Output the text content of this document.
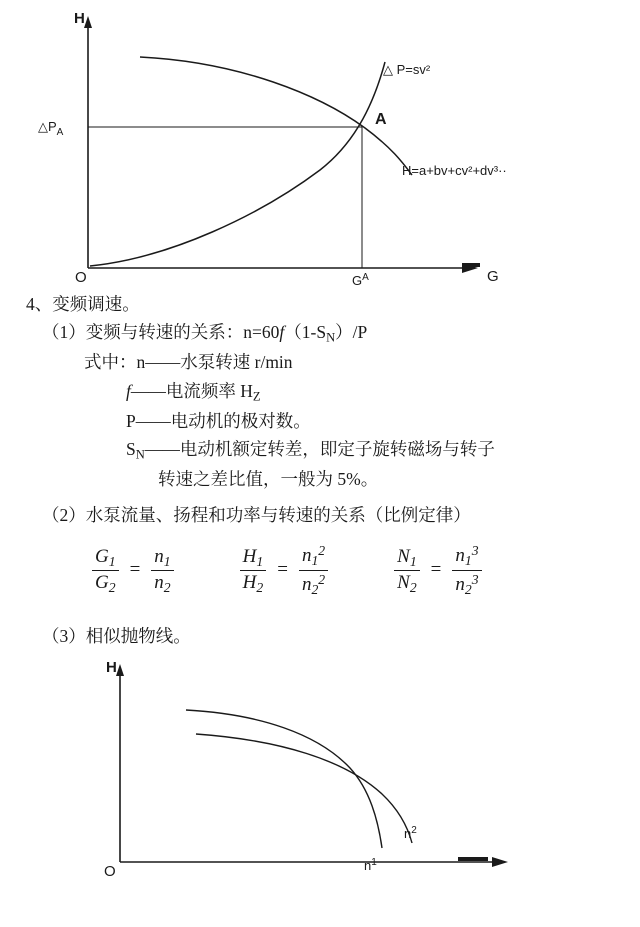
H
O	G
$\triangle P_A$
A
$G^A$
△ P=sv²
H=a+bv+cv²+dv³··
4、变频调速。
（1）变频与转速的关系：$n=60f(1-S_N)/P$
式中：n——水泵转速 r/min
f——电流频率 $H_Z$
P——电动机的极对数。
$S_N——$电动机额定转差，即定子旋转磁场与转子
转速之差比值，一般为 5%。
（2）水泵流量、扬程和功率与转速的关系（比例定律）
$\frac{G_1}{G_2} = \frac{n_1}{n_2}$	$\frac{H_1}{H_2} = \frac{n_1^2}{n_2^2}$	$\frac{N_1}{N_2} = \frac{n_1^3}{n_2^3}$
（3）相似抛物线。
H
O	$n^1$
$n^2$
